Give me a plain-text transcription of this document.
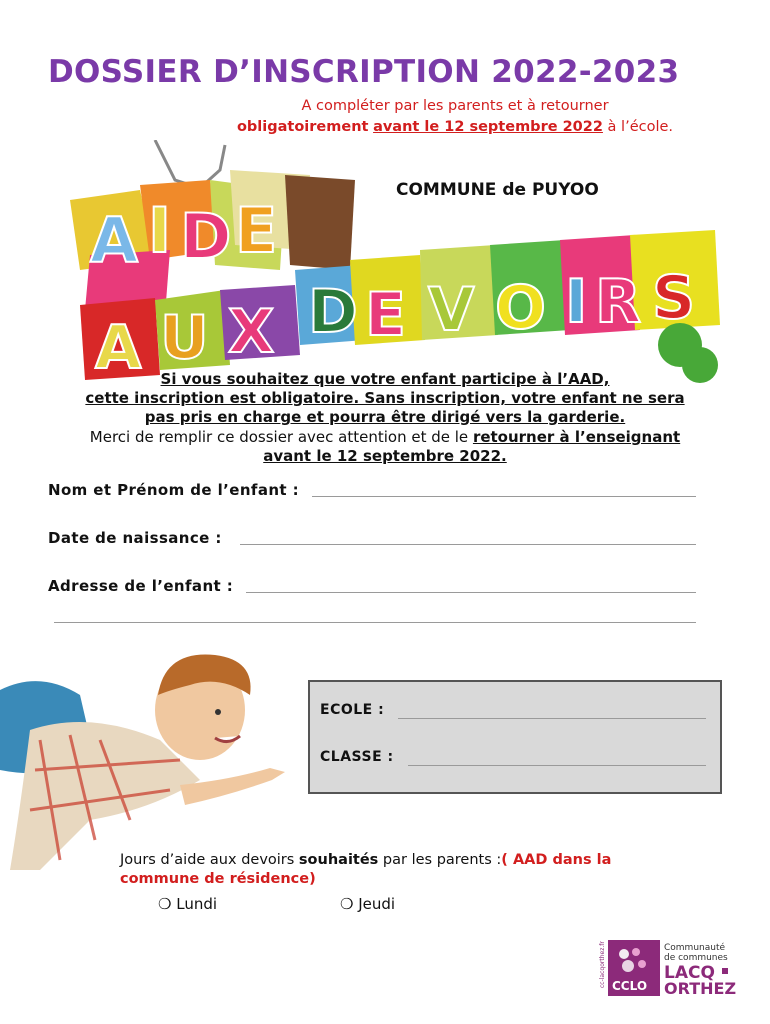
DOSSIER D’INSCRIPTION 2022-2023
A compléter par les parents et à retourner
obligatoirement avant le 12 septembre 2022 à l’école.
A I D E
A U X D E V O I R S
COMMUNE de PUYOO
Si vous souhaitez que votre enfant participe à l’AAD,
cette inscription est obligatoire. Sans inscription, votre enfant ne sera
pas pris en charge et pourra être dirigé vers la garderie.
Merci de remplir ce dossier avec attention et de le retourner à l’enseignant
avant le 12 septembre 2022.
Nom et Prénom de l’enfant :
Date de naissance :
Adresse de l’enfant :
ECOLE :
CLASSE :
Jours d’aide aux devoirs souhaités par les parents :( AAD dans la commune de résidence)
❍ Lundi	❍ Jeudi
cc-lacqorthez.fr CCLO
Communauté
de communes
LACQ
ORTHEZ
